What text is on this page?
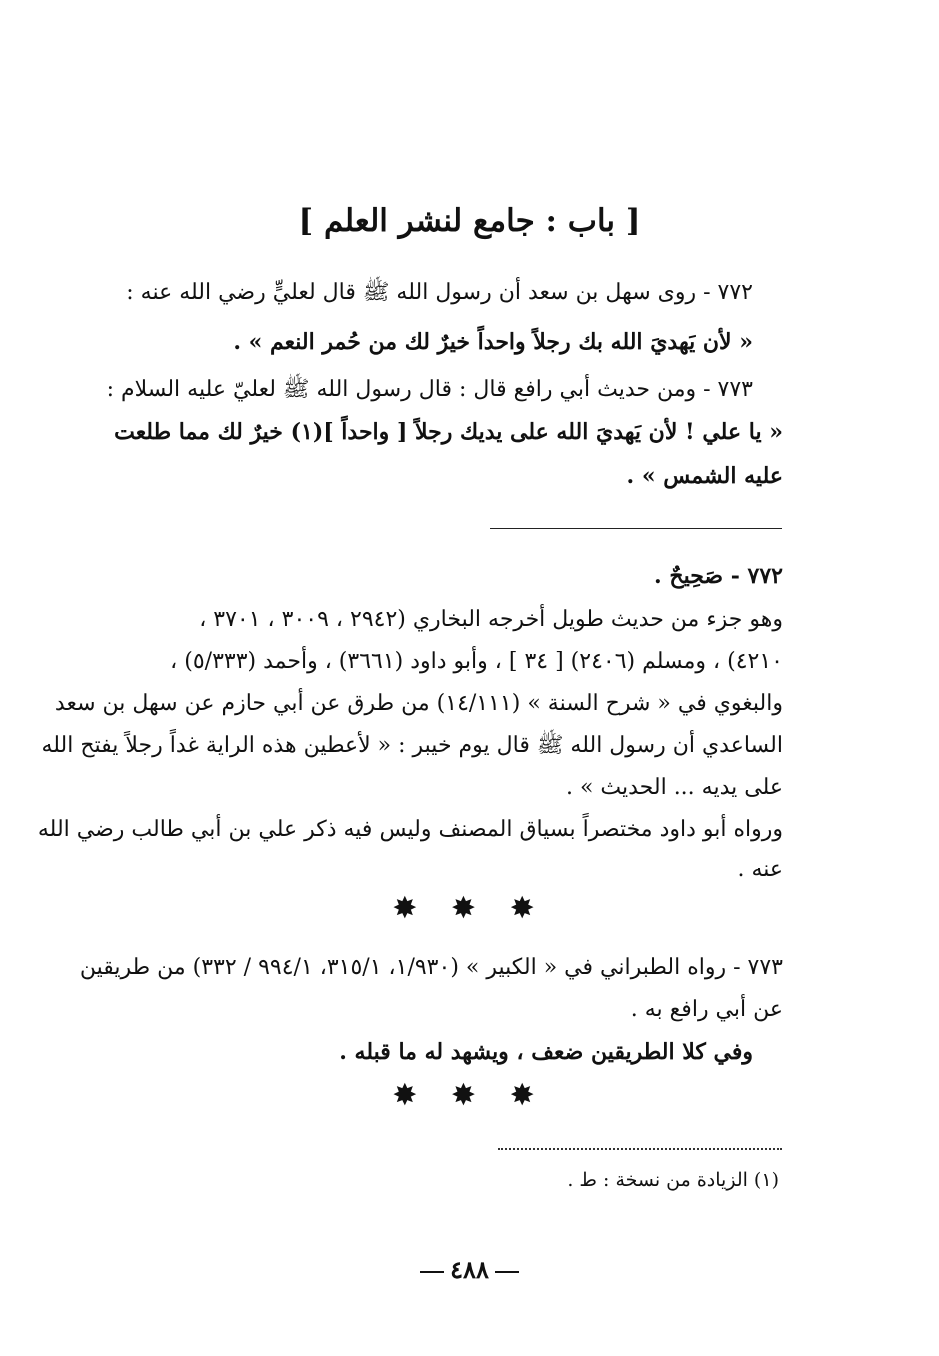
[ باب : جامع لنشر العلم ]
٧٧٢ - روى سهل بن سعد أن رسول الله ﷺ قال لعليٍّ رضي الله عنه :
« لأن يَهديَ الله بك رجلاً واحداً خيرٌ لك من حُمر النعم » .
٧٧٣ - ومن حديث أبي رافع قال : قال رسول الله ﷺ لعليّ عليه السلام :
« يا علي ! لأن يَهديَ الله على يديك رجلاً [ واحداً ](١) خيرٌ لك مما طلعت
عليه الشمس » .
٧٧٢ - صَحِيحٌ .
وهو جزء من حديث طويل أخرجه البخاري (٢٩٤٢ ، ٣٠٠٩ ، ٣٧٠١ ،
٤٢١٠) ، ومسلم (٢٤٠٦) [ ٣٤ ] ، وأبو داود (٣٦٦١) ، وأحمد (٥/٣٣٣) ،
والبغوي في « شرح السنة » (١٤/١١١) من طرق عن أبي حازم عن سهل بن سعد
الساعدي أن رسول الله ﷺ قال يوم خيبر : « لأعطين هذه الراية غداً رجلاً يفتح الله
على يديه ... الحديث » .
ورواه أبو داود مختصراً بسياق المصنف وليس فيه ذكر علي بن أبي طالب رضي الله
عنه .
✸ ✸ ✸
٧٧٣ - رواه الطبراني في « الكبير » (١/٩٣٠، ٣١٥/١، ٩٩٤/١ / ٣٣٢) من طريقين
عن أبي رافع به .
وفي كلا الطريقين ضعف ، ويشهد له ما قبله .
✸ ✸ ✸
(١) الزيادة من نسخة : ط .
٤٨٨
